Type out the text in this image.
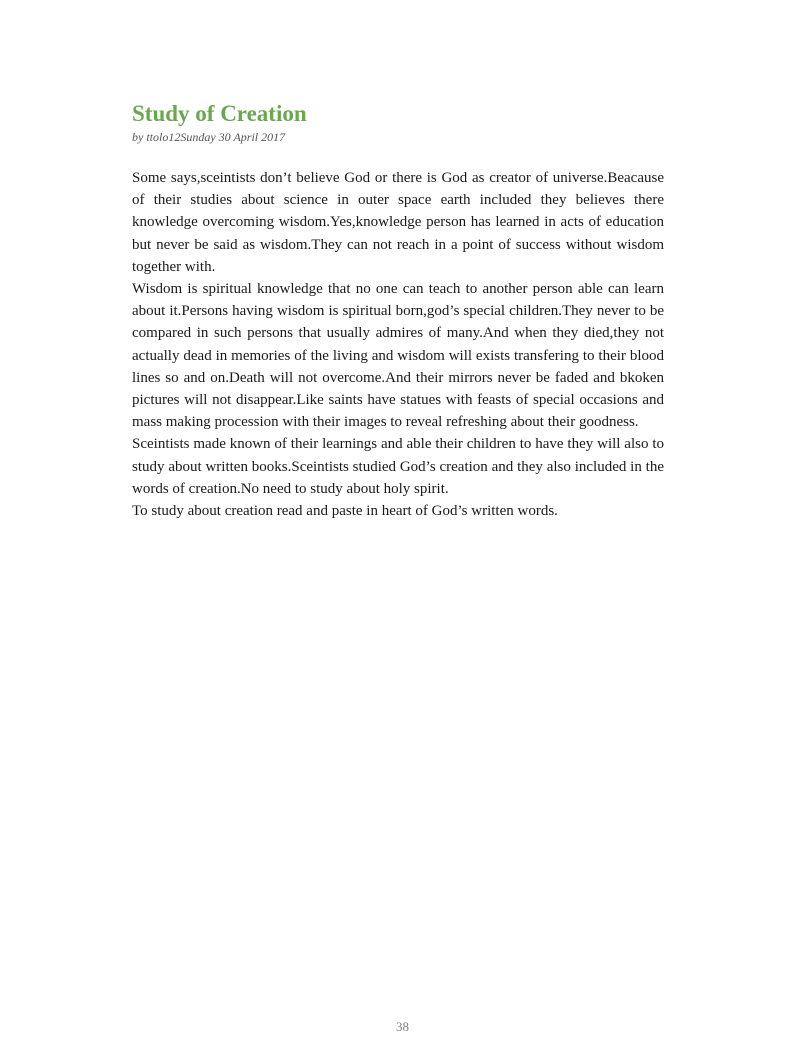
Study of Creation
by ttolo12Sunday 30 April 2017

Some says,sceintists don’t believe God or there is God as creator of universe.Beacause of their studies about science in outer space earth included they believes there knowledge overcoming wisdom.Yes,knowledge person has learned in acts of education but never be said as wisdom.They can not reach in a point of success without wisdom together with.

Wisdom is spiritual knowledge that no one can teach to another person able can learn about it.Persons having wisdom is spiritual born,god’s special children.They never to be compared in such persons that usually admires of many.And when they died,they not actually dead in memories of the living and wisdom will exists transfering to their blood lines so and on.Death will not overcome.And their mirrors never be faded and bkoken pictures will not disappear.Like saints have statues with feasts of special occasions and mass making procession with their images to reveal refreshing about their goodness.

Sceintists made known of their learnings and able their children to have they will also to study about written books.Sceintists studied God’s creation and they also included in the words of creation.No need to study about holy spirit.

To study about creation read and paste in heart of God’s written words.

38
